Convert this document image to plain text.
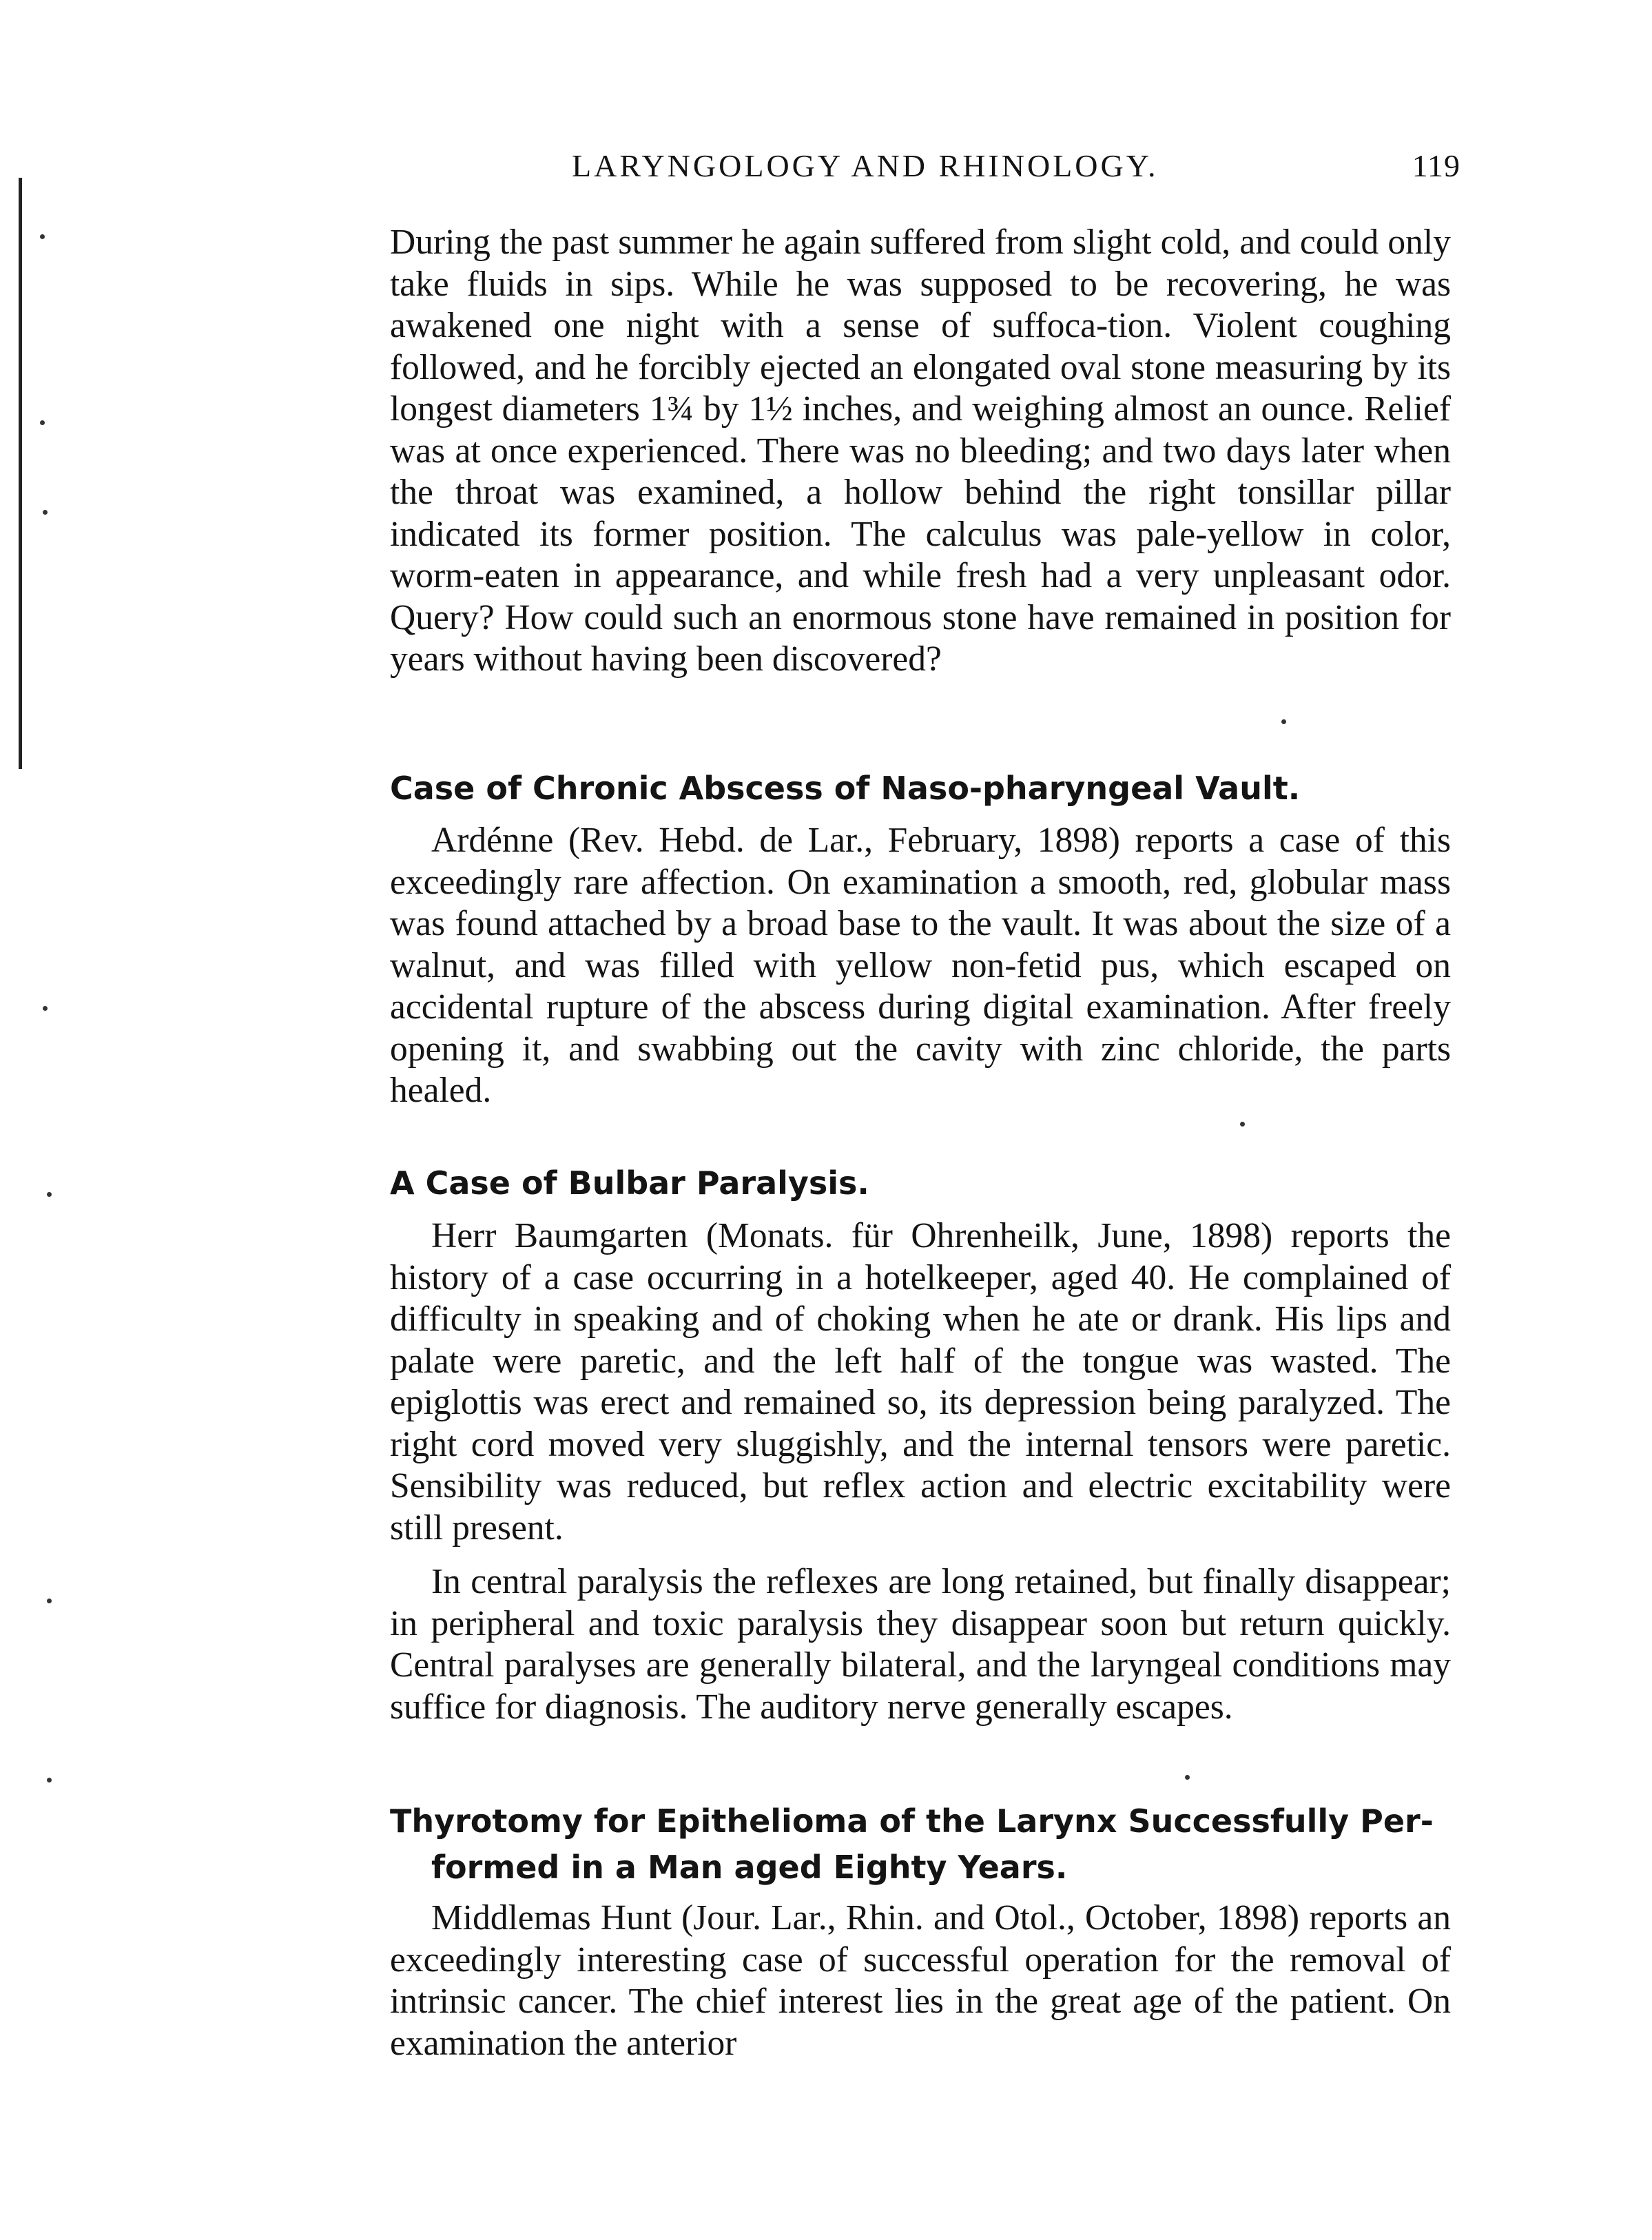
LARYNGOLOGY AND RHINOLOGY.	119

During the past summer he again suffered from slight cold, and could only take fluids in sips. While he was supposed to be recovering, he was awakened one night with a sense of suffoca-tion. Violent coughing followed, and he forcibly ejected an elongated oval stone measuring by its longest diameters 1¾ by 1½ inches, and weighing almost an ounce. Relief was at once experienced. There was no bleeding; and two days later when the throat was examined, a hollow behind the right tonsillar pillar indicated its former position. The calculus was pale-yellow in color, worm-eaten in appearance, and while fresh had a very unpleasant odor. Query? How could such an enormous stone have remained in position for years without having been discovered?

Case of Chronic Abscess of Naso-pharyngeal Vault.

Ardénne (Rev. Hebd. de Lar., February, 1898) reports a case of this exceedingly rare affection. On examination a smooth, red, globular mass was found attached by a broad base to the vault. It was about the size of a walnut, and was filled with yellow non-fetid pus, which escaped on accidental rupture of the abscess during digital examination. After freely opening it, and swabbing out the cavity with zinc chloride, the parts healed.

A Case of Bulbar Paralysis.

Herr Baumgarten (Monats. für Ohrenheilk, June, 1898) reports the history of a case occurring in a hotelkeeper, aged 40. He complained of difficulty in speaking and of choking when he ate or drank. His lips and palate were paretic, and the left half of the tongue was wasted. The epiglottis was erect and remained so, its depression being paralyzed. The right cord moved very sluggishly, and the internal tensors were paretic. Sensibility was reduced, but reflex action and electric excitability were still present.

In central paralysis the reflexes are long retained, but finally disappear; in peripheral and toxic paralysis they disappear soon but return quickly. Central paralyses are generally bilateral, and the laryngeal conditions may suffice for diagnosis. The auditory nerve generally escapes.

Thyrotomy for Epithelioma of the Larynx Successfully Per-
formed in a Man aged Eighty Years.

Middlemas Hunt (Jour. Lar., Rhin. and Otol., October, 1898) reports an exceedingly interesting case of successful operation for the removal of intrinsic cancer. The chief interest lies in the great age of the patient. On examination the anterior
